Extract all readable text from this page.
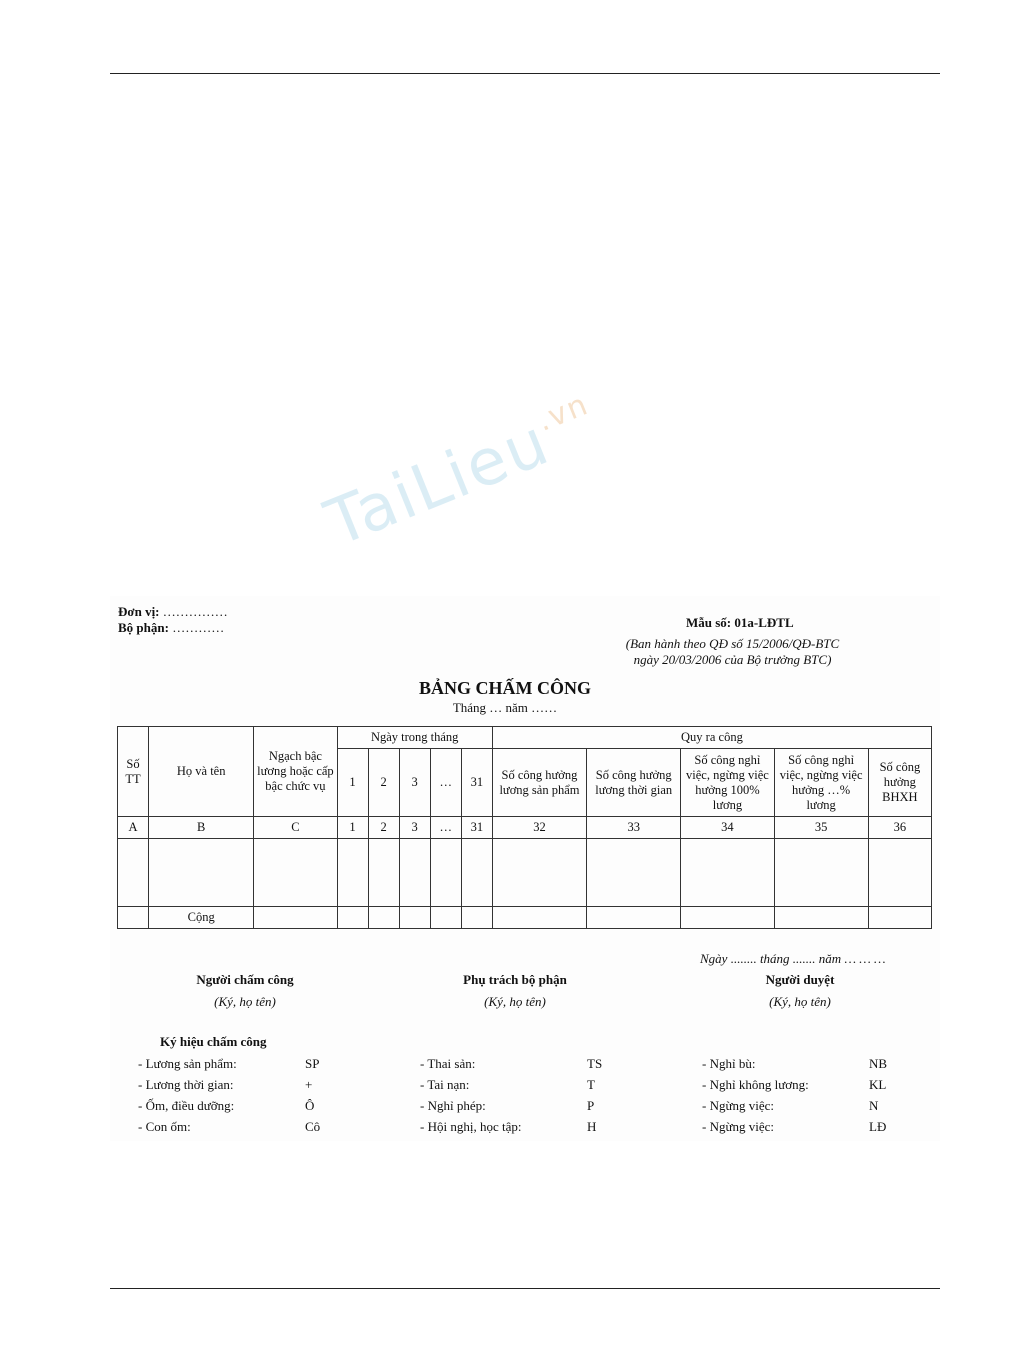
TaiLieu$^{.vn}$
Đơn vị: ……………
Bộ phận: …………	Mẫu số: 01a-LĐTL
(Ban hành theo QĐ số 15/2006/QĐ-BTC
ngày 20/03/2006 của Bộ trưởng BTC)
BẢNG CHẤM CÔNG
Tháng … năm ……
Số TT	Họ và tên	Ngạch bậc lương hoặc cấp bậc chức vụ	Ngày trong tháng					Quy ra công				
			1	2	3	…	31	Số công hưởng lương sản phẩm	Số công hưởng lương thời gian	Số công nghỉ việc, ngừng việc hưởng 100% lương	Số công nghỉ việc, ngừng việc hưởng …% lương	Số công hưởng BHXH
A	B	C	1	2	3	…	31	32	33	34	35	36

	Cộng											
Ngày ........ tháng ....... năm … … …
Người chấm công
(Ký, họ tên)
Phụ trách bộ phận
(Ký, họ tên)
Người duyệt
(Ký, họ tên)
Ký hiệu chấm công
- Lương sản phẩm:	SP
- Lương thời gian:	+
- Ốm, điều dưỡng:	Ô
- Con ốm:	Cô
- Thai sản:	TS
- Tai nạn:	T
- Nghỉ phép:	P
- Hội nghị, học tập:	H
- Nghỉ bù:	NB
- Nghỉ không lương:	KL
- Ngừng việc:	N
- Ngừng việc:	LĐ
